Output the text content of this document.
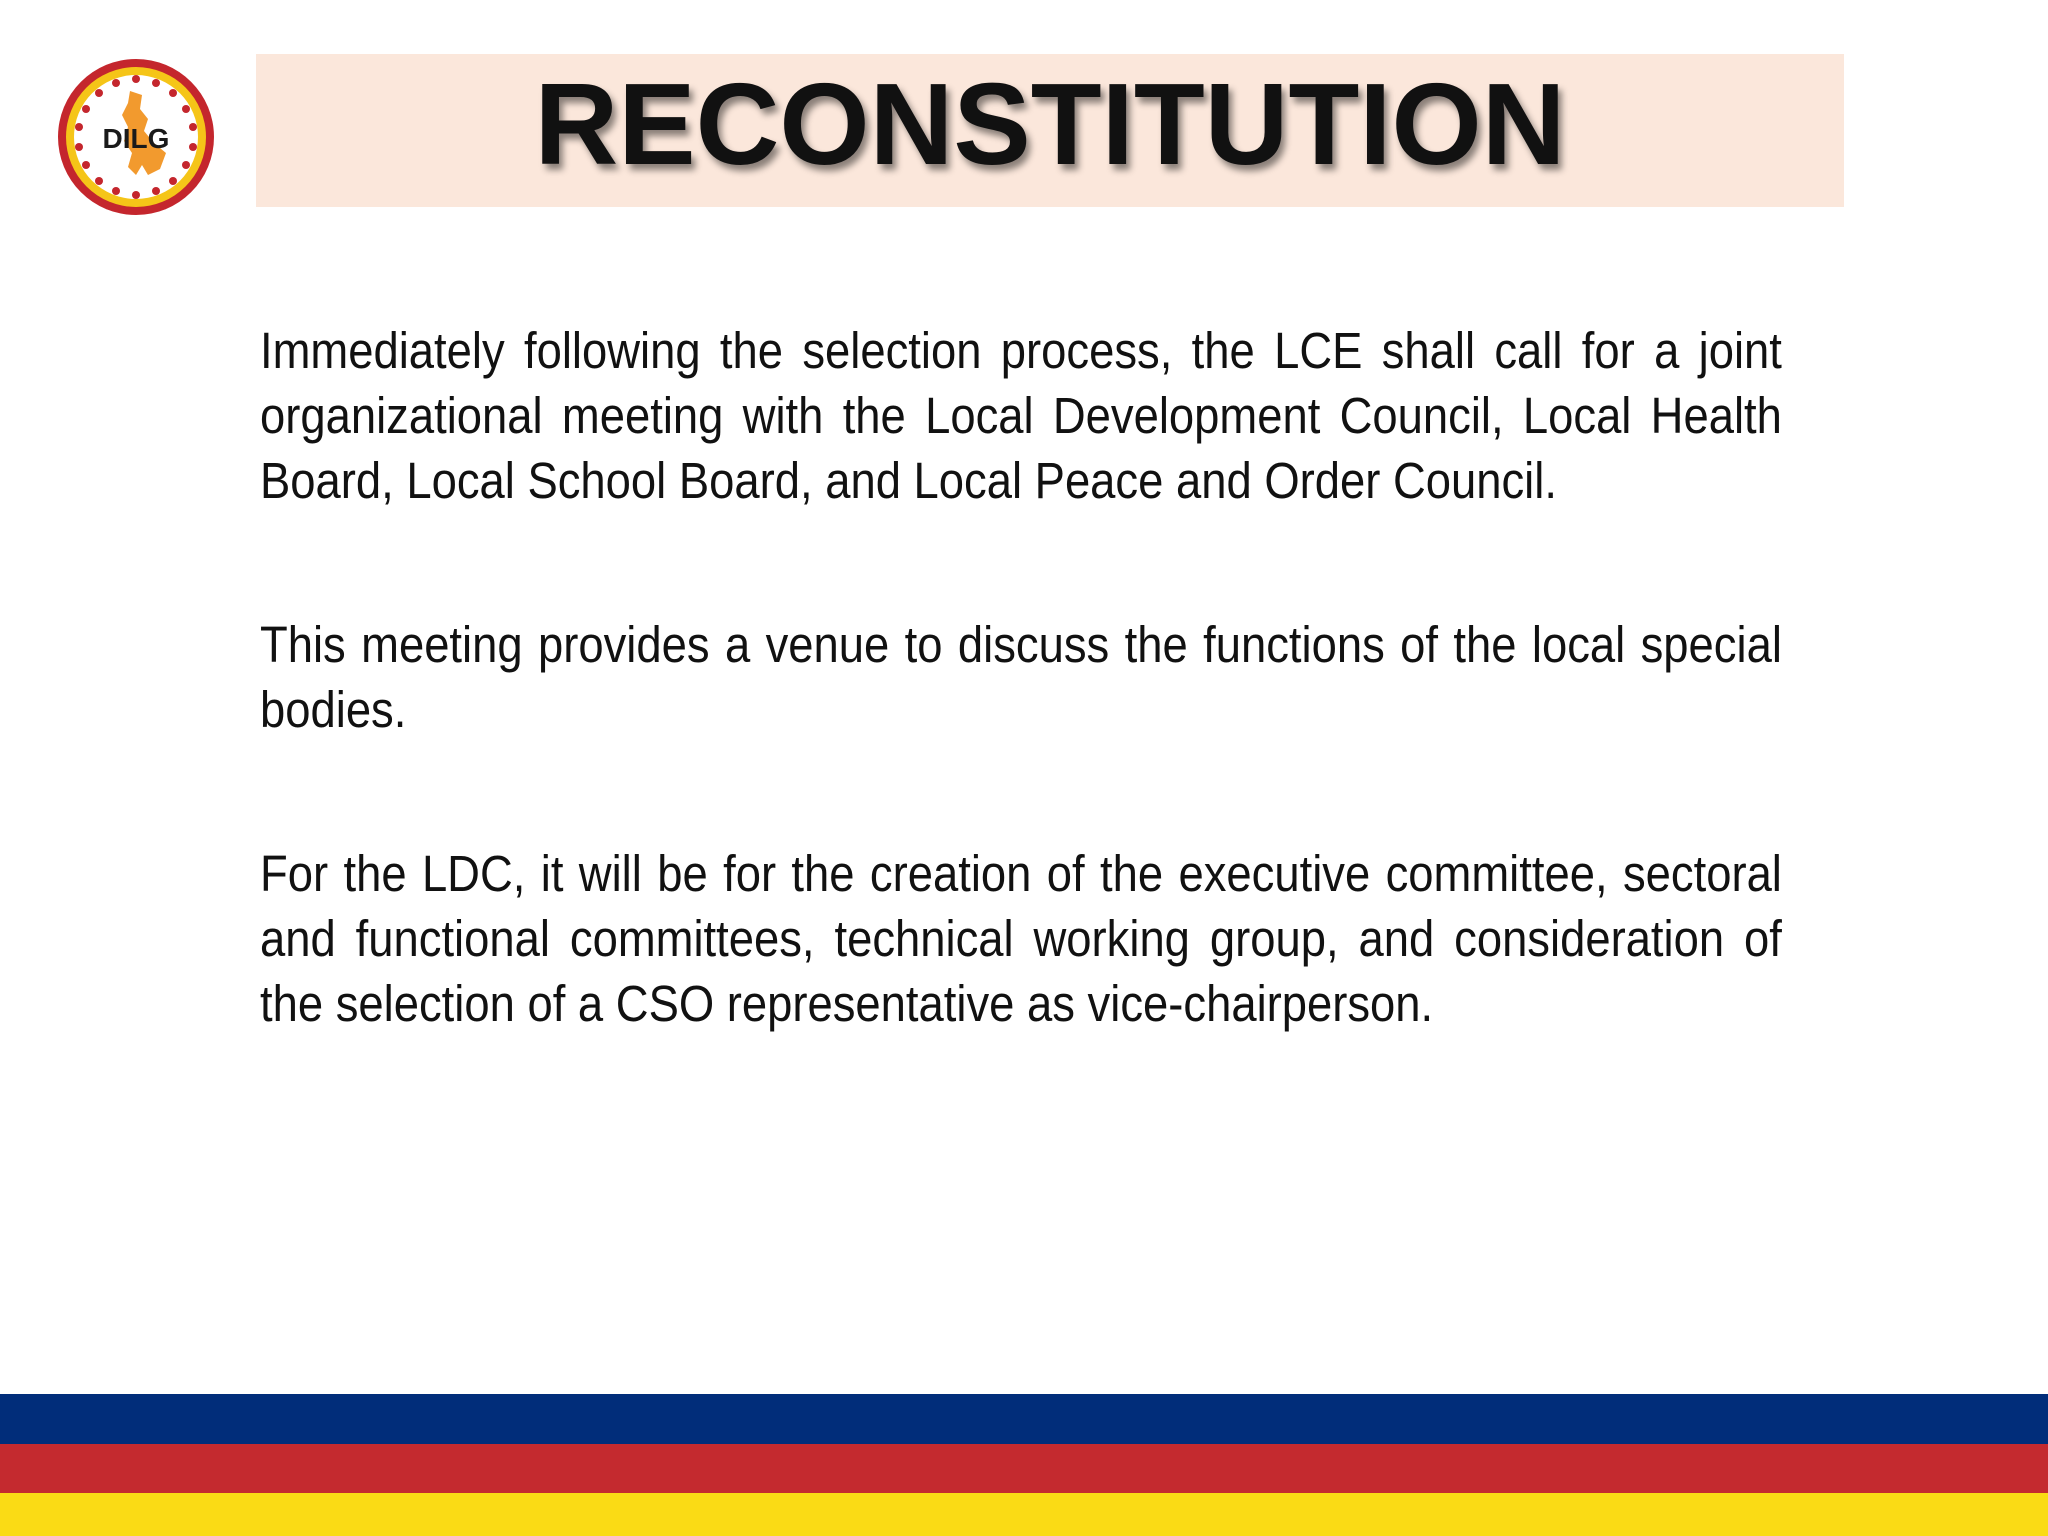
DILG	RECONSTITUTION

Immediately following the selection process, the LCE shall call for a joint organizational meeting with the Local Development Council, Local Health Board, Local School Board, and Local Peace and Order Council.

This meeting provides a venue to discuss the functions of the local special bodies.

For the LDC, it will be for the creation of the executive committee, sectoral and functional committees, technical working group, and consideration of the selection of a CSO representative as vice-chairperson.
